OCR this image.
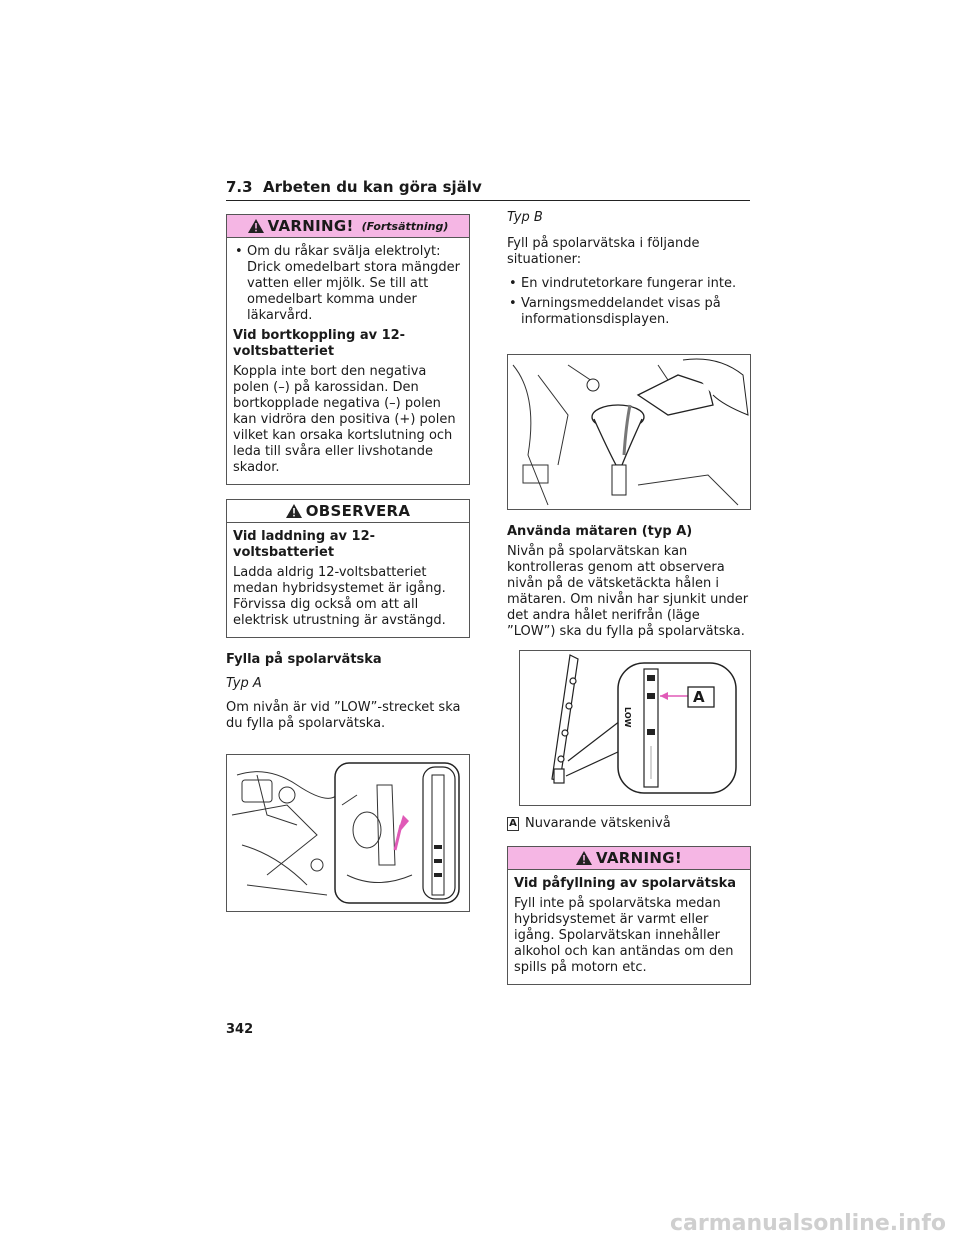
7.3 Arbeten du kan göra själv
VARNING! (Fortsättning)

• Om du råkar svälja elektrolyt: Drick omedelbart stora mängder vatten eller mjölk. Se till att omedelbart komma under läkarvård.

Vid bortkoppling av 12-voltsbatteriet

Koppla inte bort den negativa polen (–) på karossidan. Den bortkopplade negativa (–) polen kan vidröra den positiva (+) polen vilket kan orsaka kortslutning och leda till svåra eller livshotande skador.

OBSERVERA

Vid laddning av 12-voltsbatteriet

Ladda aldrig 12-voltsbatteriet medan hybridsystemet är igång. Förvissa dig också om att all elektrisk utrustning är avstängd.

Fylla på spolarvätska

Typ A

Om nivån är vid ”LOW”-strecket ska du fylla på spolarvätska.

Typ B

Fyll på spolarvätska i följande situationer:

• En vindrutetorkare fungerar inte.

• Varningsmeddelandet visas på informationsdisplayen.

Använda mätaren (typ A)

Nivån på spolarvätskan kan kontrolleras genom att observera nivån på de vätsketäckta hålen i mätaren. Om nivån har sjunkit under det andra hålet nerifrån (läge ”LOW”) ska du fylla på spolarvätska.

A
LOW

A Nuvarande vätskenivå

VARNING!

Vid påfyllning av spolarvätska

Fyll inte på spolarvätska medan hybridsystemet är varmt eller igång. Spolarvätskan innehåller alkohol och kan antändas om den spills på motorn etc.

342
carmanualsonline.info
